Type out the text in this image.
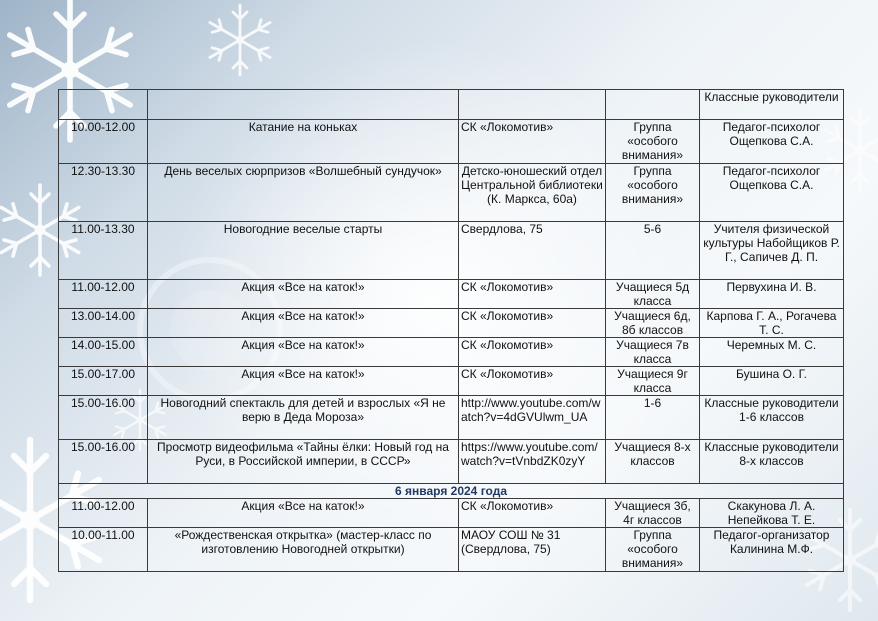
				Классные руководители
10.00-12.00	Катание на коньках	СК «Локомотив»	Группа «особого внимания»	Педагог-психолог Ощепкова С.А.
12.30-13.30	День веселых сюрпризов «Волшебный сундучок»	Детско-юношеский отдел Центральной библиотеки (К. Маркса, 60а)	Группа «особого внимания»	Педагог-психолог Ощепкова С.А.
11.00-13.30	Новогодние веселые старты	Свердлова, 75	5-6	Учителя физической культуры Набойщиков Р. Г., Сапичев Д. П.
11.00-12.00	Акция «Все на каток!»	СК «Локомотив»	Учащиеся 5д класса	Первухина И. В.
13.00-14.00	Акция «Все на каток!»	СК «Локомотив»	Учащиеся 6д, 8б классов	Карпова Г. А., Рогачева Т. С.
14.00-15.00	Акция «Все на каток!»	СК «Локомотив»	Учащиеся 7в класса	Черемных М. С.
15.00-17.00	Акция «Все на каток!»	СК «Локомотив»	Учащиеся 9г класса	Бушина О. Г.
15.00-16.00	Новогодний спектакль для детей и взрослых «Я не верю в Деда Мороза»	http://www.youtube.com/watch?v=4dGVUlwm_UA	1-6	Классные руководители 1-6 классов
15.00-16.00	Просмотр видеофильма «Тайны ёлки: Новый год на Руси, в Российской империи, в СССР»	https://www.youtube.com/watch?v=tVnbdZK0zyY	Учащиеся 8-х классов	Классные руководители 8-х классов
6 января 2024 года				
11.00-12.00	Акция «Все на каток!»	СК «Локомотив»	Учащиеся 3б, 4г классов	Скакунова Л. А. Непейкова Т. Е.
10.00-11.00	«Рождественская открытка» (мастер-класс по изготовлению Новогодней открытки)	МАОУ СОШ № 31 (Свердлова, 75)	Группа «особого внимания»	Педагог-организатор Калинина М.Ф.
